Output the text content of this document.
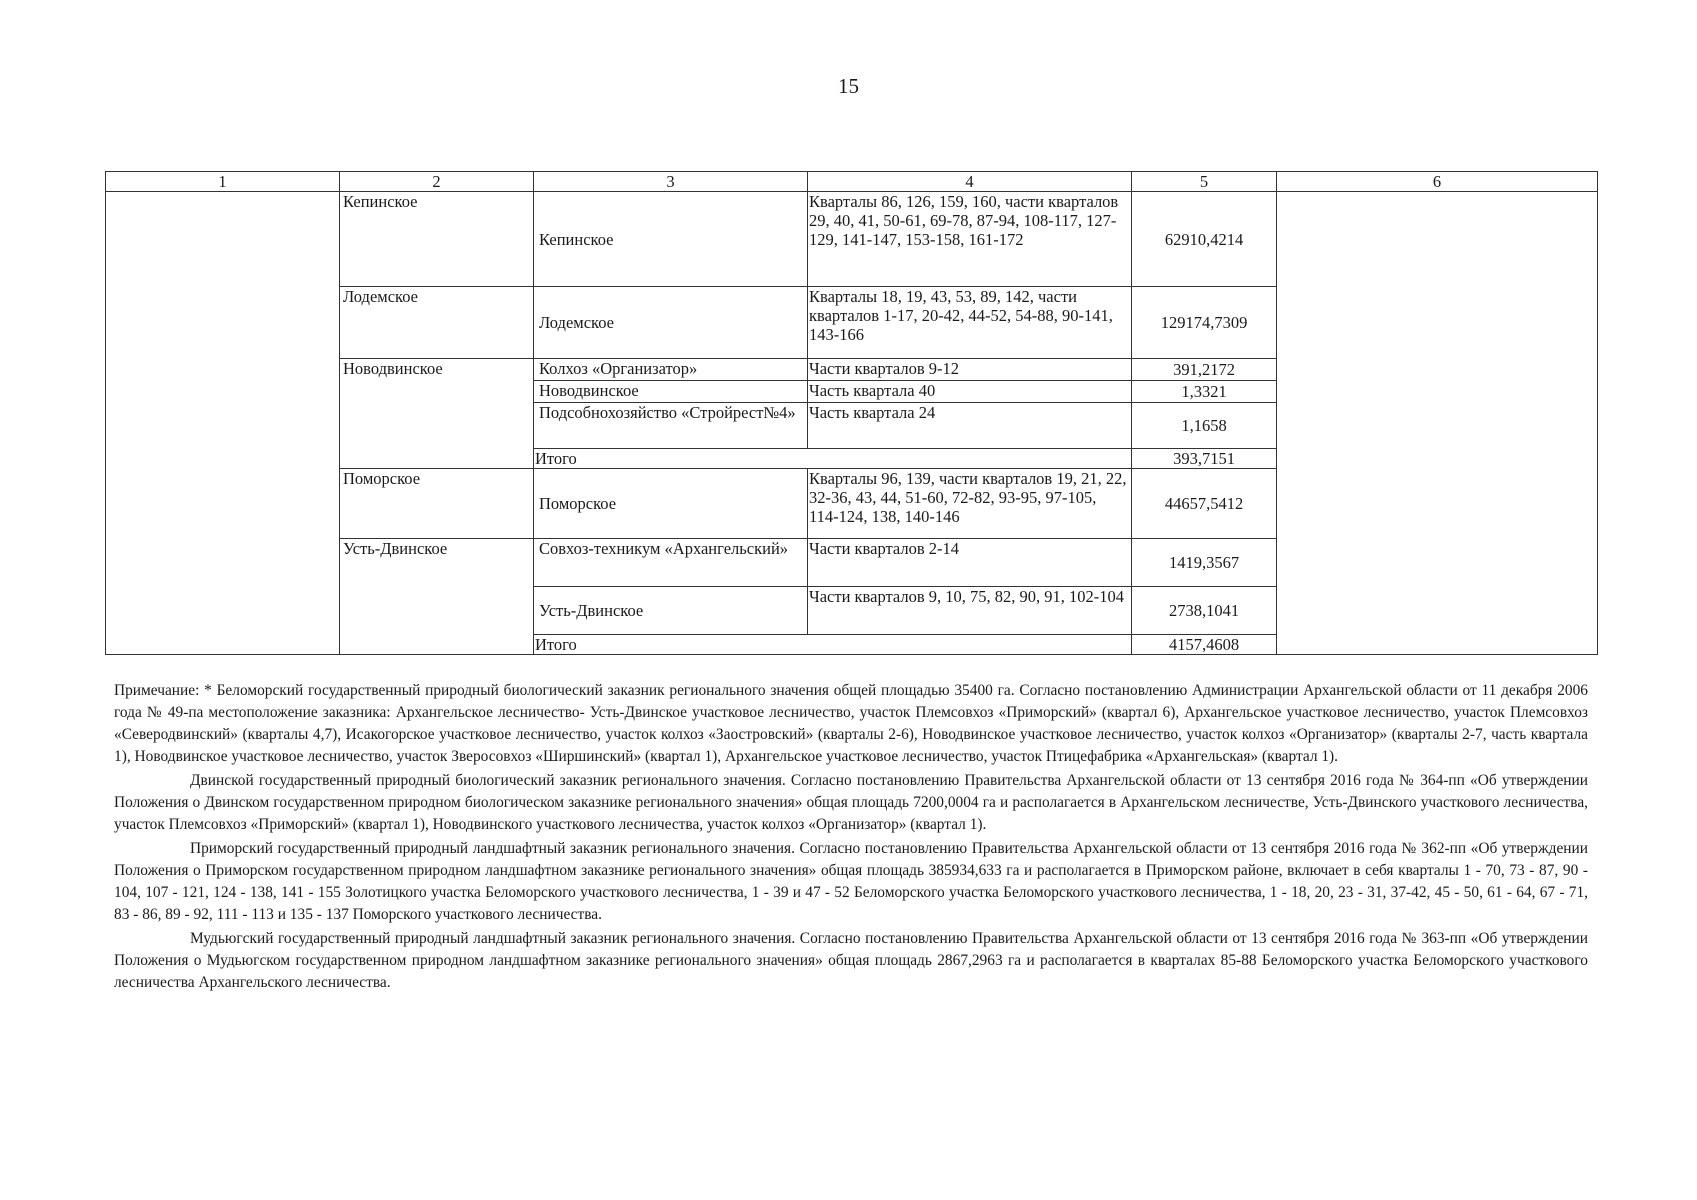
15
1	2	3	4	5	6
	Кепинское	Кепинское	Кварталы 86, 126, 159, 160, части кварталов 29, 40, 41, 50-61, 69-78, 87-94, 108-117, 127-129, 141-147, 153-158, 161-172	62910,4214	
	Лодемское	Лодемское	Кварталы 18, 19, 43, 53, 89, 142, части кварталов 1-17, 20-42, 44-52, 54-88, 90-141, 143-166	129174,7309	
	Новодвинское	Колхоз «Организатор»	Части кварталов 9-12	391,2172	
		Новодвинское	Часть квартала 40	1,3321	
		Подсобнохозяйство «Стройрест№4»	Часть квартала 24	1,1658	
		Итого		393,7151	
	Поморское	Поморское	Кварталы 96, 139, части кварталов 19, 21, 22, 32-36, 43, 44, 51-60, 72-82, 93-95, 97-105, 114-124, 138, 140-146	44657,5412	
	Усть-Двинское	Совхоз-техникум «Архангельский»	Части кварталов 2-14	1419,3567	
		Усть-Двинское	Части кварталов 9, 10, 75, 82, 90, 91, 102-104	2738,1041	
		Итого		4157,4608	

Примечание: * Беломорский государственный природный биологический заказник регионального значения общей площадью 35400 га. Согласно постановлению Администрации Архангельской области от 11 декабря 2006 года № 49-па местоположение заказника: Архангельское лесничество- Усть-Двинское участковое лесничество, участок Племсовхоз «Приморский» (квартал 6), Архангельское участковое лесничество, участок Племсовхоз «Северодвинский» (кварталы 4,7), Исакогорское участковое лесничество, участок колхоз «Заостровский» (кварталы 2-6), Новодвинское участковое лесничество, участок колхоз «Организатор» (кварталы 2-7, часть квартала 1), Новодвинское участковое лесничество, участок Зверосовхоз «Ширшинский» (квартал 1), Архангельское участковое лесничество, участок Птицефабрика «Архангельская» (квартал 1).

Двинской государственный природный биологический заказник регионального значения. Согласно постановлению Правительства Архангельской области от 13 сентября 2016 года № 364-пп «Об утверждении Положения о Двинском государственном природном биологическом заказнике регионального значения» общая площадь 7200,0004 га и располагается в Архангельском лесничестве, Усть-Двинского участкового лесничества, участок Племсовхоз «Приморский» (квартал 1), Новодвинского участкового лесничества, участок колхоз «Организатор» (квартал 1).

Приморский государственный природный ландшафтный заказник регионального значения. Согласно постановлению Правительства Архангельской области от 13 сентября 2016 года № 362-пп «Об утверждении Положения о Приморском государственном природном ландшафтном заказнике регионального значения» общая площадь 385934,633 га и располагается в Приморском районе, включает в себя кварталы 1 - 70, 73 - 87, 90 - 104, 107 - 121, 124 - 138, 141 - 155 Золотицкого участка Беломорского участкового лесничества, 1 - 39 и 47 - 52 Беломорского участка Беломорского участкового лесничества, 1 - 18, 20, 23 - 31, 37-42, 45 - 50, 61 - 64, 67 - 71, 83 - 86, 89 - 92, 111 - 113 и 135 - 137 Поморского участкового лесничества.

Мудьюгский государственный природный ландшафтный заказник регионального значения. Согласно постановлению Правительства Архангельской области от 13 сентября 2016 года № 363-пп «Об утверждении Положения о Мудьюгском государственном природном ландшафтном заказнике регионального значения» общая площадь 2867,2963 га и располагается в кварталах 85-88 Беломорского участка Беломорского участкового лесничества Архангельского лесничества.
